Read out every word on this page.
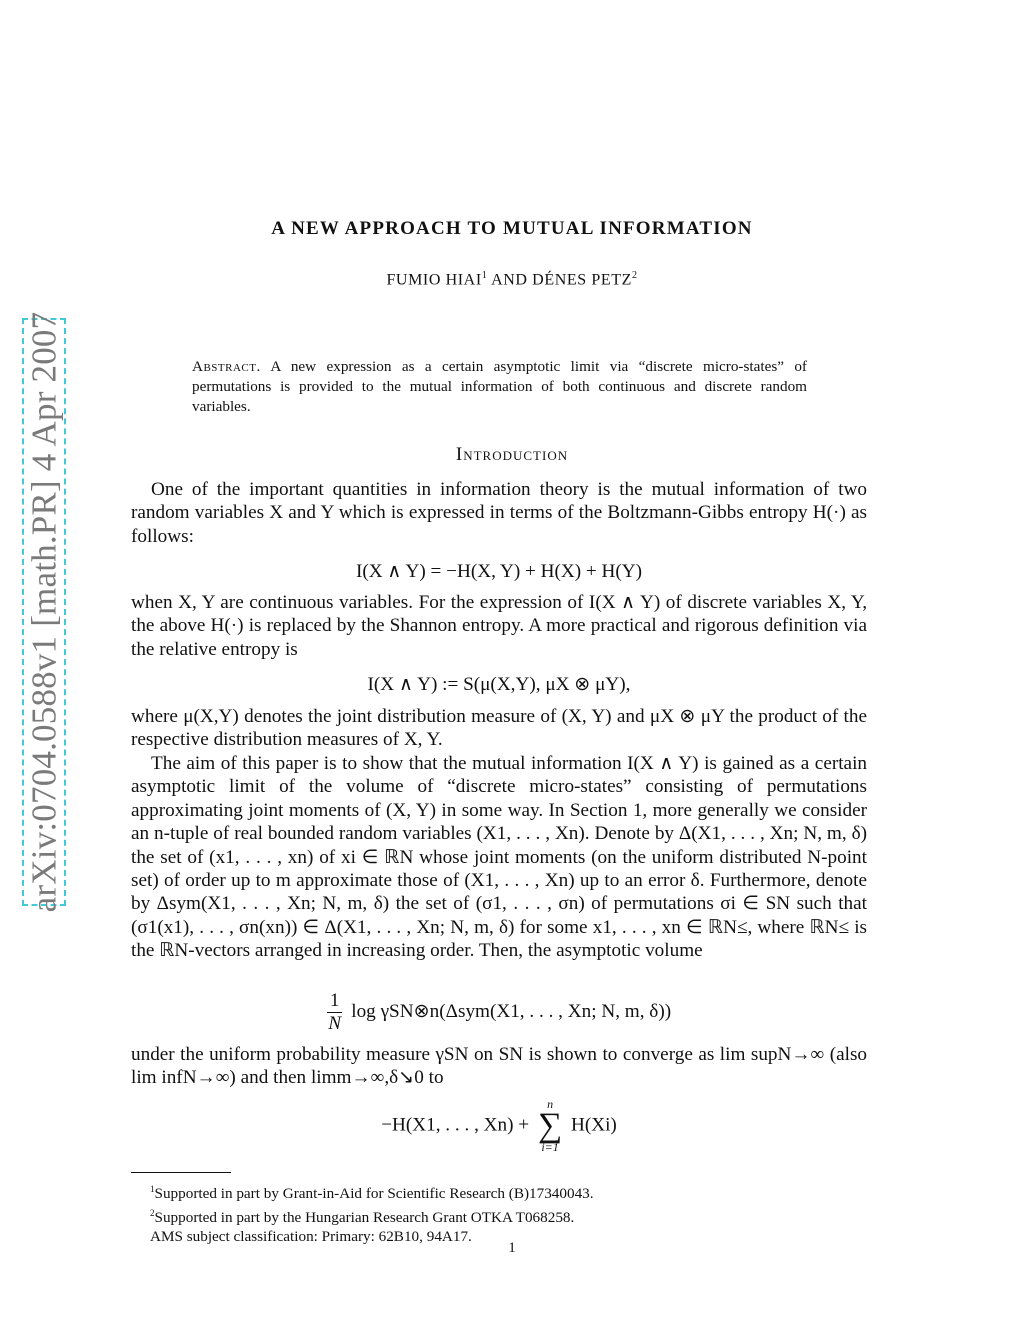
arXiv:0704.0588v1 [math.PR] 4 Apr 2007
A NEW APPROACH TO MUTUAL INFORMATION
FUMIO HIAI$^1$ AND DÉNES PETZ$^2$

Abstract. A new expression as a certain asymptotic limit via “discrete micro-states” of permutations is provided to the mutual information of both continuous and discrete random variables.

Introduction

One of the important quantities in information theory is the mutual information of two random variables X and Y which is expressed in terms of the Boltzmann-Gibbs entropy H(·) as follows:

I(X ∧ Y) = −H(X, Y) + H(X) + H(Y)

when X, Y are continuous variables. For the expression of I(X ∧ Y) of discrete variables X, Y, the above H(·) is replaced by the Shannon entropy. A more practical and rigorous definition via the relative entropy is

I(X ∧ Y) := S(μ(X,Y), μX ⊗ μY),

where μ(X,Y) denotes the joint distribution measure of (X, Y) and μX ⊗ μY the product of the respective distribution measures of X, Y.

The aim of this paper is to show that the mutual information I(X ∧ Y) is gained as a certain asymptotic limit of the volume of “discrete micro-states” consisting of permutations approximating joint moments of (X, Y) in some way. In Section 1, more generally we consider an n-tuple of real bounded random variables (X1, . . . , Xn). Denote by Δ(X1, . . . , Xn; N, m, δ) the set of (x1, . . . , xn) of xi ∈ ℝN whose joint moments (on the uniform distributed N-point set) of order up to m approximate those of (X1, . . . , Xn) up to an error δ. Furthermore, denote by Δsym(X1, . . . , Xn; N, m, δ) the set of (σ1, . . . , σn) of permutations σi ∈ SN such that (σ1(x1), . . . , σn(xn)) ∈ Δ(X1, . . . , Xn; N, m, δ) for some x1, . . . , xn ∈ ℝN≤, where ℝN≤ is the ℝN-vectors arranged in increasing order. Then, the asymptotic volume

$\frac{1}{N}$ log γSN⊗n(Δsym(X1, . . . , Xn; N, m, δ))

under the uniform probability measure γSN on SN is shown to converge as lim supN→∞ (also lim infN→∞) and then limm→∞,δ↘0 to

−H(X1, . . . , Xn) +
n
∑
i=1
H(Xi)

$^1$Supported in part by Grant-in-Aid for Scientific Research (B)17340043.

$^2$Supported in part by the Hungarian Research Grant OTKA T068258.

AMS subject classification: Primary: 62B10, 94A17.

1
